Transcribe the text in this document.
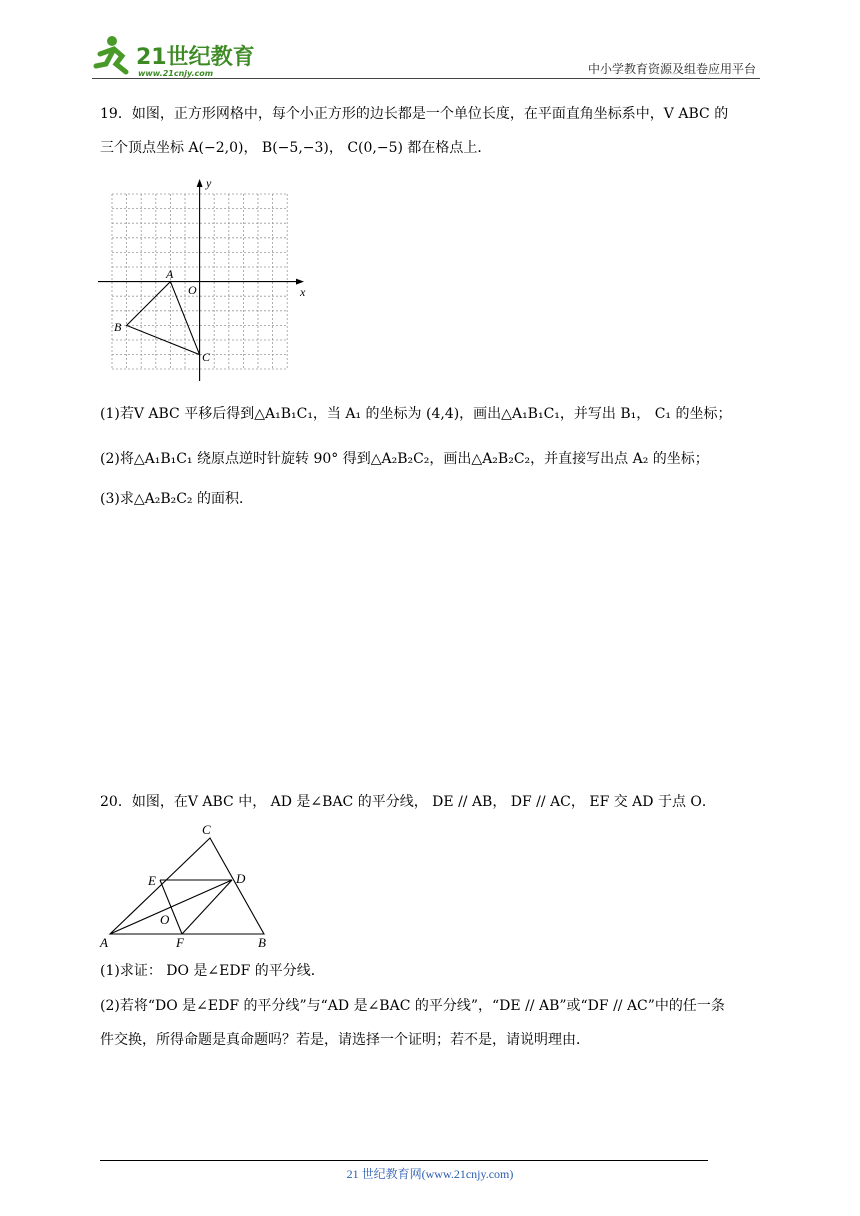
21世纪教育
www.21cnjy.com	中小学教育资源及组卷应用平台
19．如图，正方形网格中，每个小正方形的边长都是一个单位长度，在平面直角坐标系中，V ABC 的
三个顶点坐标 A(−2,0)， B(−5,−3)， C(0,−5) 都在格点上．
x
y
O
A
B
C
(1)若V ABC 平移后得到△A₁B₁C₁，当 A₁ 的坐标为 (4,4)，画出△A₁B₁C₁，并写出 B₁， C₁ 的坐标；
(2)将△A₁B₁C₁ 绕原点逆时针旋转 90° 得到△A₂B₂C₂，画出△A₂B₂C₂，并直接写出点 A₂ 的坐标；
(3)求△A₂B₂C₂ 的面积．
20．如图，在V ABC 中， AD 是∠BAC 的平分线， DE // AB， DF // AC， EF 交 AD 于点 O．
C
E	D
O
A	F	B
(1)求证： DO 是∠EDF 的平分线．
(2)若将“DO 是∠EDF 的平分线”与“AD 是∠BAC 的平分线”，“DE // AB”或“DF // AC”中的任一条
件交换，所得命题是真命题吗？若是，请选择一个证明；若不是，请说明理由．
21 世纪教育网(www.21cnjy.com)
